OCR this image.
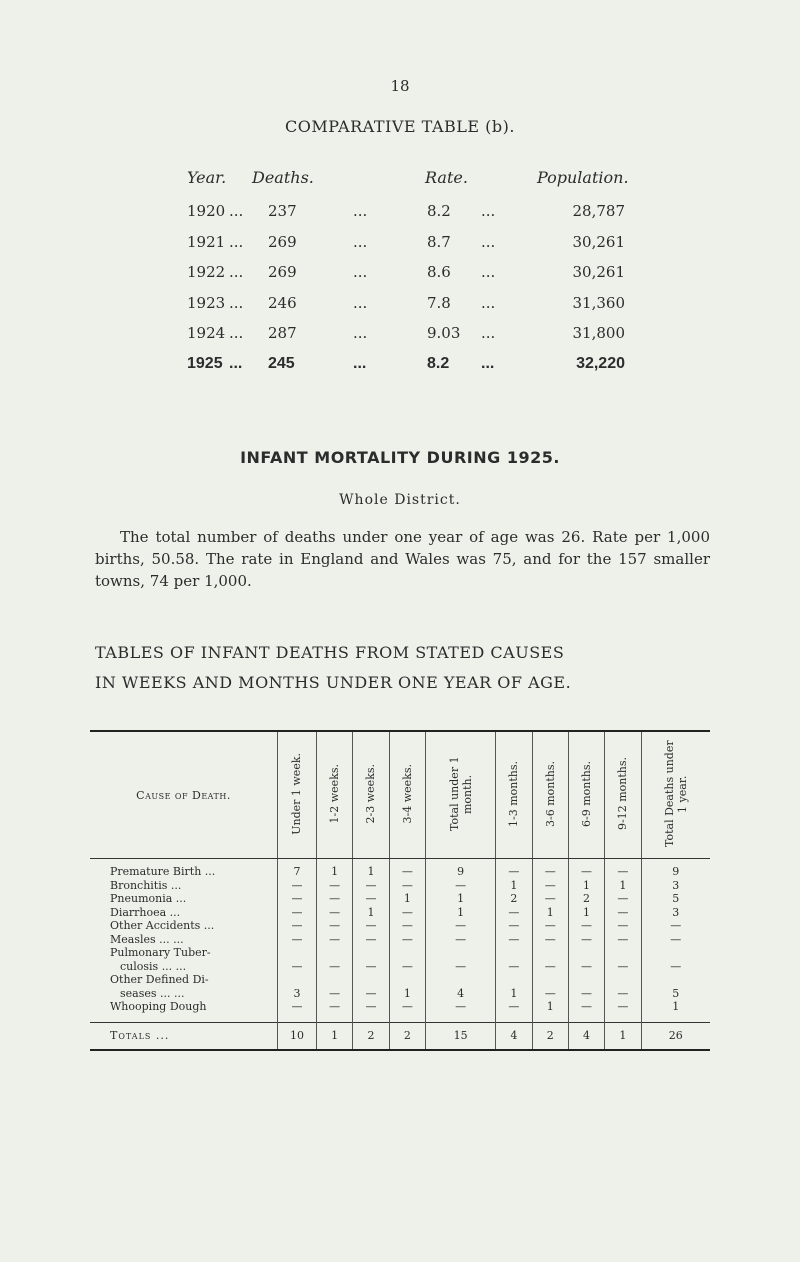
18
COMPARATIVE TABLE (b).
Year. Deaths.	Rate.	Population.
1920 ... 237	...	8.2 ...	28,787
1921 ... 269	...	8.7 ...	30,261
1922 ... 269	...	8.6 ...	30,261
1923 ... 246	...	7.8 ...	31,360
1924 ... 287	...	9.03 ...	31,800
1925 ... 245	...	8.2 ...	32,220
INFANT MORTALITY DURING 1925.
Whole District.

The total number of deaths under one year of age was 26. Rate per 1,000 births, 50.58. The rate in England and Wales was 75, and for the 157 smaller towns, 74 per 1,000.

TABLES OF INFANT DEATHS FROM STATED CAUSES
IN WEEKS AND MONTHS UNDER ONE YEAR OF AGE.
Cause of Death.	Under 1 week.	1-2 weeks.	2-3 weeks.	3-4 weeks.	Total under 1 month.	1-3 months.	3-6 months.	6-9 months.	9-12 months.	Total Deaths under 1 year.
Premature Birth ...	7	1	1	—	9	—	—	—	—	9
Bronchitis ...	—	—	—	—	—	1	—	1	1	3
Pneumonia ...	—	—	—	1	1	2	—	2	—	5
Diarrhoea ...	—	—	1	—	1	—	1	1	—	3
Other Accidents ...	—	—	—	—	—	—	—	—	—	—
Measles ... ...	—	—	—	—	—	—	—	—	—	—
Pulmonary Tuber-
culosis ... ...	—	—	—	—	—	—	—	—	—	—
Other Defined Di-
seases ... ...	3	—	—	1	4	1	—	—	—	5
Whooping Dough	—	—	—	—	—	—	1	—	—	1
Totals ...	10	1	2	2	15	4	2	4	1	26
